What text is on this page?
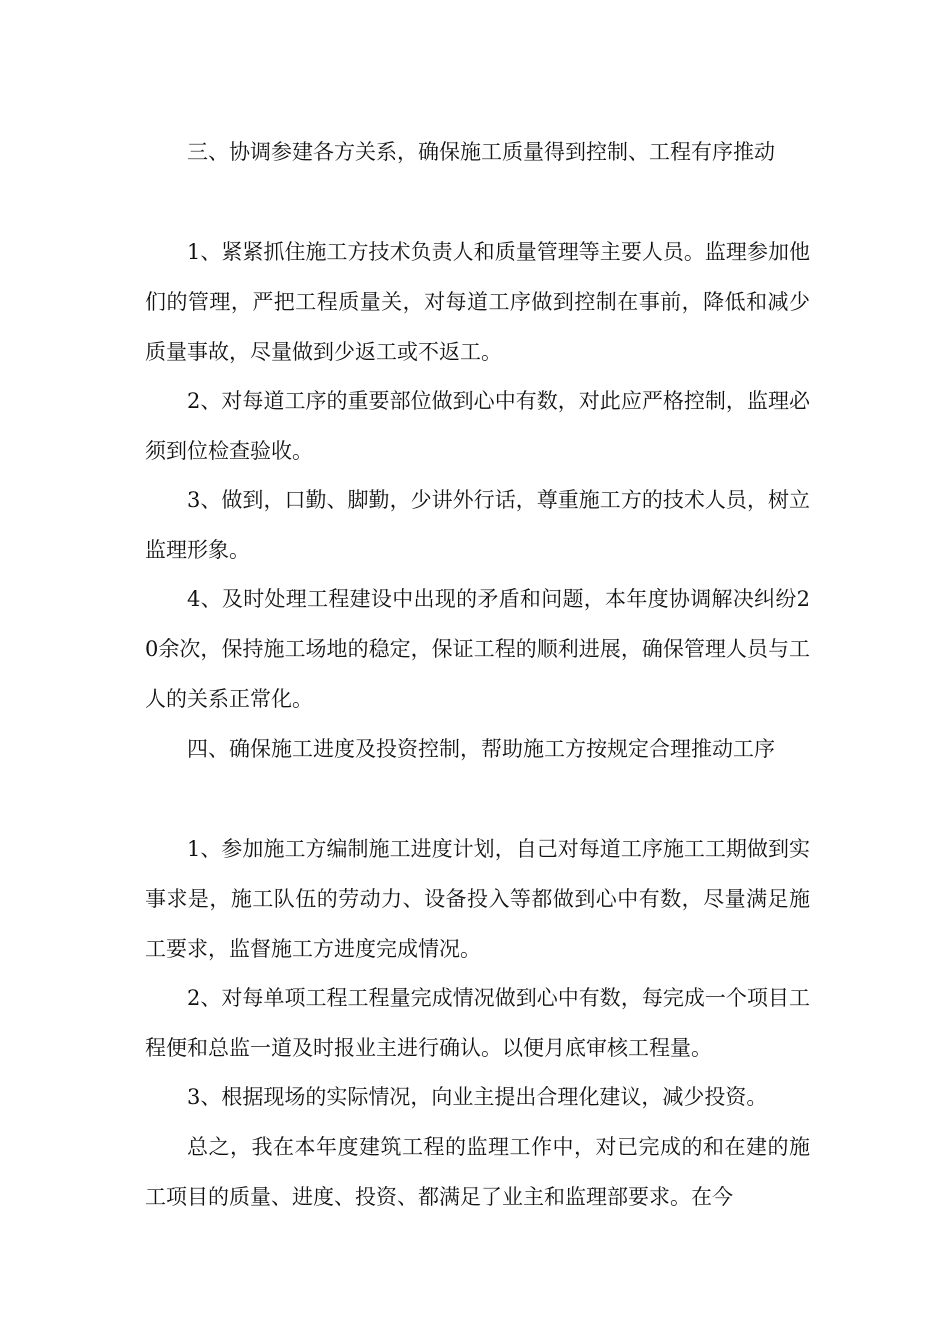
三、协调参建各方关系，确保施工质量得到控制、工程有序推动

1、紧紧抓住施工方技术负责人和质量管理等主要人员。监理参加他们的管理，严把工程质量关，对每道工序做到控制在事前，降低和减少质量事故，尽量做到少返工或不返工。

2、对每道工序的重要部位做到心中有数，对此应严格控制，监理必须到位检查验收。

3、做到，口勤、脚勤，少讲外行话，尊重施工方的技术人员，树立监理形象。

4、及时处理工程建设中出现的矛盾和问题，本年度协调解决纠纷20余次，保持施工场地的稳定，保证工程的顺利进展，确保管理人员与工人的关系正常化。

四、确保施工进度及投资控制，帮助施工方按规定合理推动工序

1、参加施工方编制施工进度计划，自己对每道工序施工工期做到实事求是，施工队伍的劳动力、设备投入等都做到心中有数，尽量满足施工要求，监督施工方进度完成情况。

2、对每单项工程工程量完成情况做到心中有数，每完成一个项目工程便和总监一道及时报业主进行确认。以便月底审核工程量。

3、根据现场的实际情况，向业主提出合理化建议，减少投资。

总之，我在本年度建筑工程的监理工作中，对已完成的和在建的施工项目的质量、进度、投资、都满足了业主和监理部要求。在今
